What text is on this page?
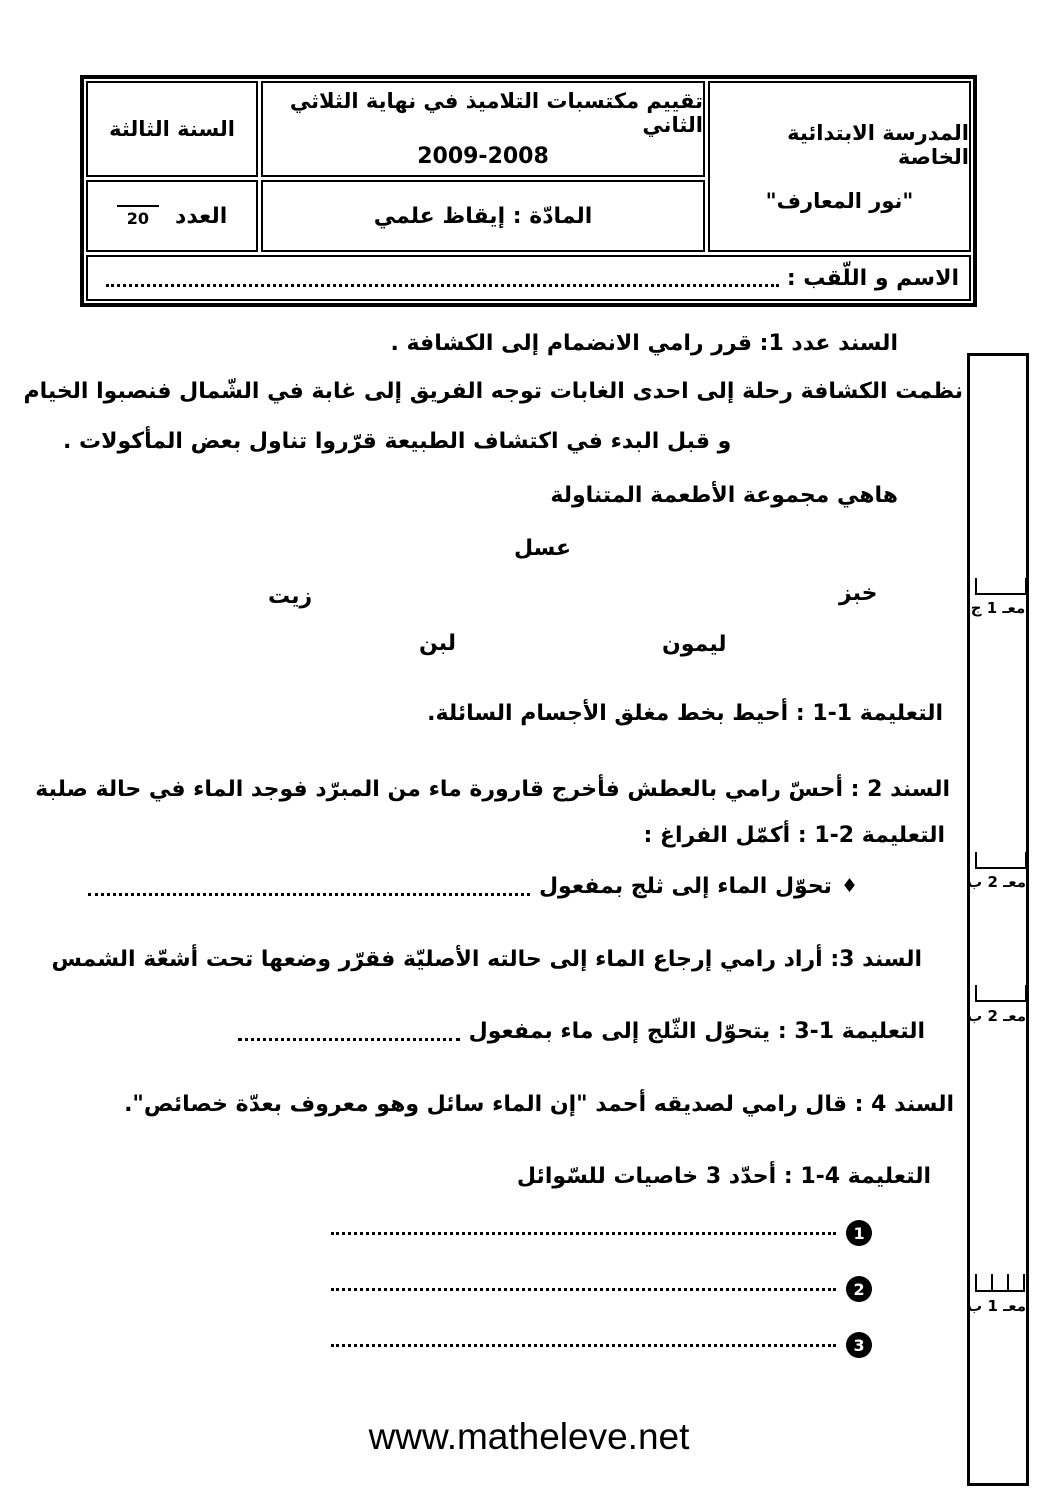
المدرسة الابتدائية الخاصة
"نور المعارف"
تقييم مكتسبات التلاميذ في نهاية الثلاثي الثاني
2009-2008
السنة الثالثة
المادّة : إيقاظ علمي
العدد
20
الاسم و اللّقب :
السند عدد 1: قرر رامي الانضمام إلى الكشافة .
نظمت الكشافة رحلة إلى احدى الغابات توجه الفريق إلى غابة في الشّمال فنصبوا الخيام
و قبل البدء في اكتشاف الطبيعة قرّروا تناول بعض المأكولات .
هاهي مجموعة الأطعمة المتناولة
عسل
خبز
زيت
ليمون
لبن
التعليمة 1-1 : أحيط بخط مغلق الأجسام السائلة.
السند 2 : أحسّ رامي بالعطش فأخرج قارورة ماء من المبرّد فوجد الماء في حالة صلبة
التعليمة 2-1 : أكمّل الفراغ :
♦
تحوّل الماء إلى ثلج بمفعول
السند 3: أراد رامي إرجاع الماء إلى حالته الأصليّة فقرّر وضعها تحت أشعّة الشمس
التعليمة 1-3 : يتحوّل الثّلج إلى ماء بمفعول
السند 4 : قال رامي لصديقه أحمد "إن الماء سائل وهو معروف بعدّة خصائص".
التعليمة 4-1 : أحدّد 3 خاصيات للسّوائل
1
2
3
معـ 1 ج
معـ 2 ب
معـ 2 ب
معـ 1 ب
www.matheleve.net
